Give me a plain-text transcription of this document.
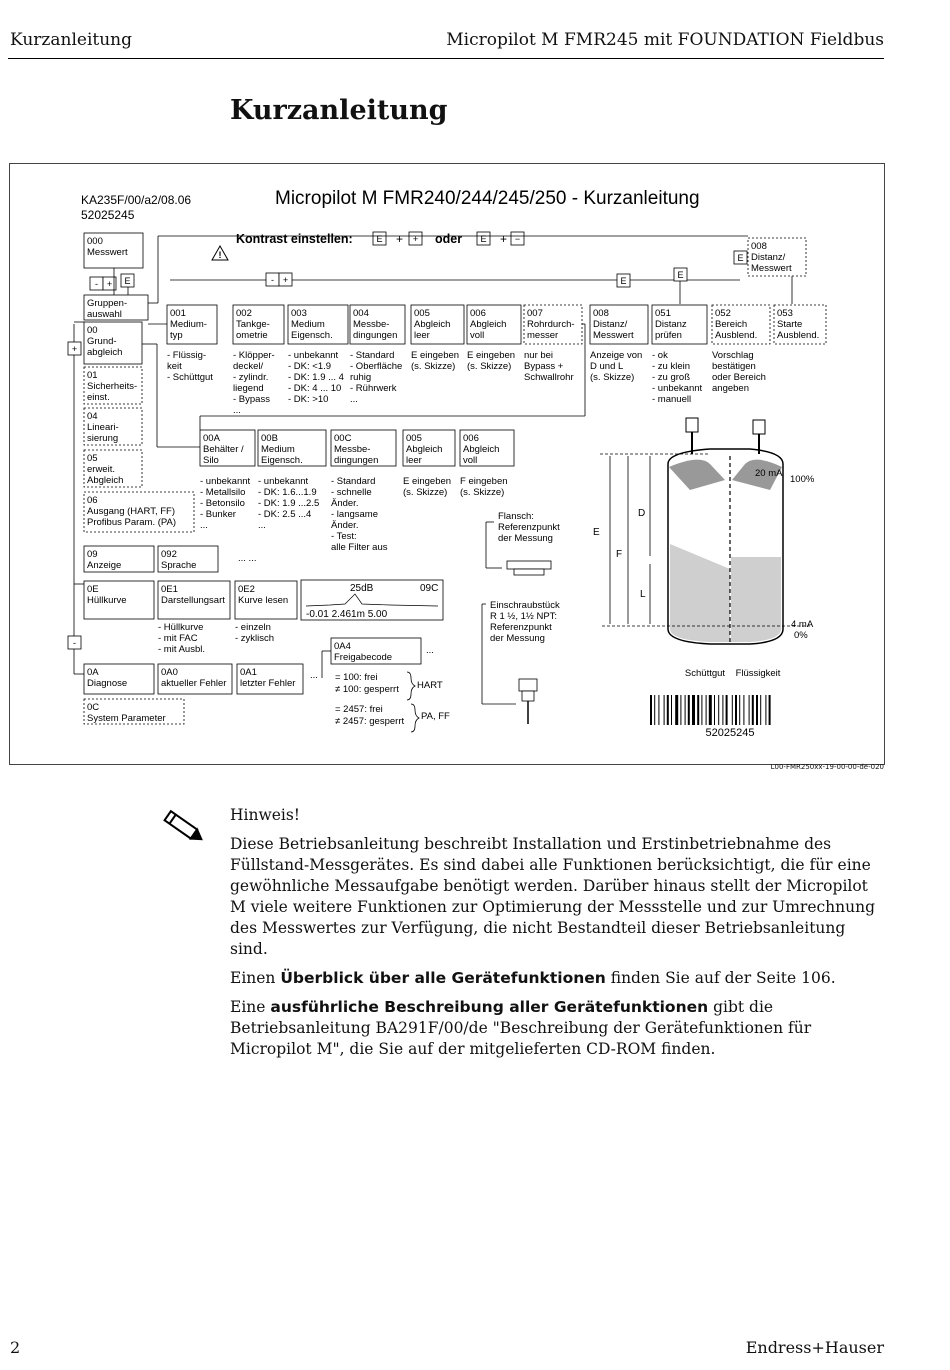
Kurzanleitung	Micropilot M FMR245 mit FOUNDATION Fieldbus
Kurzanleitung
KA235F/00/a2/08.06
52025245
Micropilot M FMR240/244/245/250 - Kurzanleitung
!
Kontrast einstellen:	E + + oder E + −
000
Messwert
- + E
Gruppen-
auswahl
00
Grund-
abgleich
01
Sicherheits-
einst.
04
Lineari-
sierung
05
erweit.
Abgleich
06
Ausgang (HART, FF)
Profibus Param. (PA)
09
Anzeige
092
Sprache
... ...
0E
Hüllkurve
0E1
Darstellungsart
0E2
Kurve lesen
0A
Diagnose
0A0
aktueller Fehler
0A1
letzter Fehler
0C
System Parameter
...
- Hüllkurve
- mit FAC
- mit Ausbl.
- einzeln
- zyklisch
+
-
25dB	09C
-0.01 2.461m 5.00
0A4
Freigabecode
...
= 100: frei
≠ 100: gesperrt HART
= 2457: frei
≠ 2457: gesperrt PA, FF
- +	E
E
E
008
Distanz/
Messwert
001
Medium-
typ
002
Tankge-
ometrie
003
Medium
Eigensch.
004
Messbe-
dingungen
005
Abgleich
leer
006
Abgleich
voll
007
Rohrdurch-
messer
008
Distanz/
Messwert
051
Distanz
prüfen
052
Bereich
Ausblend.
053
Starte
Ausblend.
- Flüssig-
keit
- Schüttgut
- Klöpper-
deckel/
- zylindr.
liegend
- Bypass
...
- unbekannt
- DK: <1.9
- DK: 1.9 ... 4
- DK: 4 ... 10
- DK: >10
- Standard
- Oberfläche
ruhig
- Rührwerk
...
E eingeben
(s. Skizze)
E eingeben
(s. Skizze)
nur bei
Bypass +
Schwallrohr
Anzeige von
D und L
(s. Skizze)
- ok
- zu klein
- zu groß
- unbekannt
- manuell
Vorschlag
bestätigen
oder Bereich
angeben
00A
Behälter /
Silo
00B
Medium
Eigensch.
00C
Messbe-
dingungen
005
Abgleich
leer
006
Abgleich
voll
- unbekannt
- Metallsilo
- Betonsilo
- Bunker
...
- unbekannt
- DK: 1.6...1.9
- DK: 1.9 ...2.5
- DK: 2.5 ...4
...
- Standard
- schnelle
Änder.
- langsame
Änder.
- Test:
alle Filter aus
E eingeben
(s. Skizze)
F eingeben
(s. Skizze)
Flansch:
Referenzpunkt
der Messung
Einschraubstück
R 1 ½, 1½ NPT:
Referenzpunkt
der Messung
20 mA
100%
4 mA
0%
E
F
D
L
Schüttgut Flüssigkeit
52025245
L00-FMR250xx-19-00-00-de-020

Hinweis!

Diese Betriebsanleitung beschreibt Installation und Erstinbetriebnahme des Füllstand-Messgerätes. Es sind dabei alle Funktionen berücksichtigt, die für eine gewöhnliche Messaufgabe benötigt werden. Darüber hinaus stellt der Micropilot M viele weitere Funktionen zur Optimierung der Messstelle und zur Umrechnung des Messwertes zur Verfügung, die nicht Bestandteil dieser Betriebsanleitung sind.

Einen Überblick über alle Gerätefunktionen finden Sie auf der Seite 106.

Eine ausführliche Beschreibung aller Gerätefunktionen gibt die Betriebsanleitung BA291F/00/de "Beschreibung der Gerätefunktionen für Micropilot M", die Sie auf der mitgelieferten CD-ROM finden.

2	Endress+Hauser
